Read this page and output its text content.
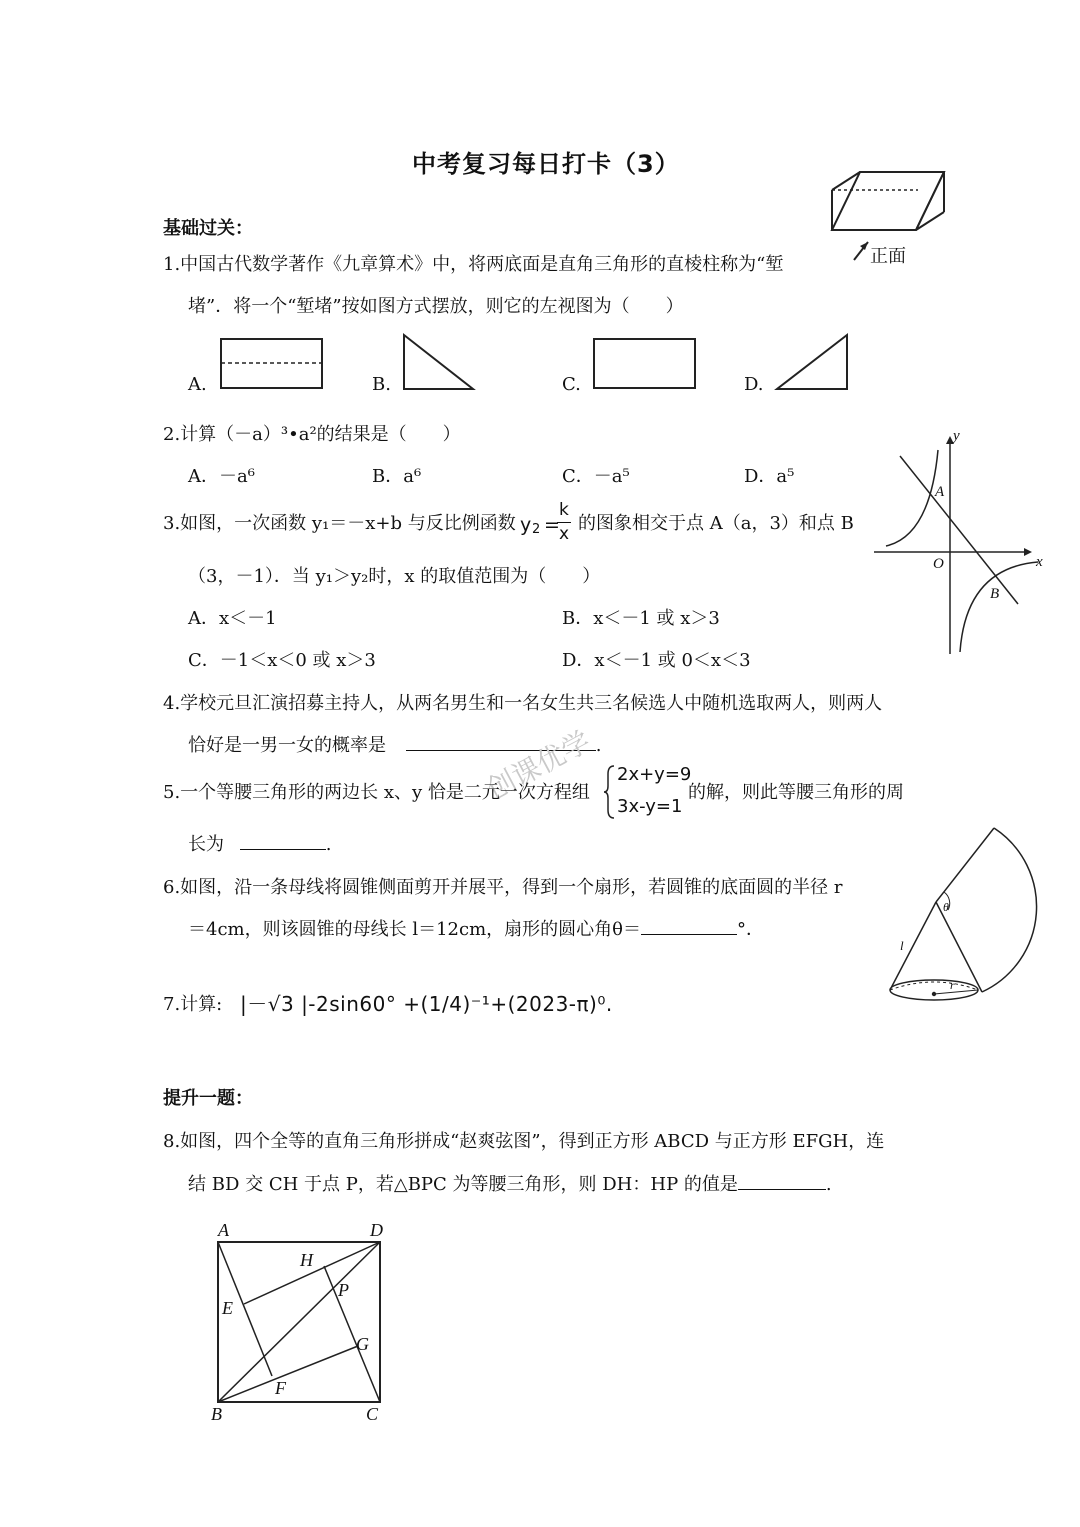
中考复习每日打卡（3）
基础过关：
1.中国古代数学著作《九章算术》中，将两底面是直角三角形的直棱柱称为“堑
堵”．将一个“堑堵”按如图方式摆放，则它的左视图为（　　）
正面
A.	B.	C.	D.
2.计算（－a）³•a²的结果是（　　）
A．－a⁶	B．a⁶	C．－a⁵	D．a⁵
3.如图，一次函数 y₁＝－x+b 与反比例函数 y 2 =
k
x 的图象相交于点 A（a，3）和点 B
（3，－1）．当 y₁＞y₂时，x 的取值范围为（　　）
A．x＜－1	B．x＜－1 或 x＞3
C．－1＜x＜0 或 x＞3	D．x＜－1 或 0＜x＜3
y
x
O
A
B
4.学校元旦汇演招募主持人，从两名男生和一名女生共三名候选人中随机选取两人，则两人
恰好是一男一女的概率是	.
创课优学
5.一个等腰三角形的两边长 x、y 恰是二元一次方程组
2x+y=9
3x-y=1
的解，则此等腰三角形的周
长为	.
6.如图，沿一条母线将圆锥侧面剪开并展平，得到一个扇形，若圆锥的底面圆的半径 r
＝4cm，则该圆锥的母线长 l＝12cm，扇形的圆心角θ＝	°．
θ
l
r
7.计算: |－√3 |-2sin60° +(1/4)⁻¹+(2023-π)⁰.
提升一题：
8.如图，四个全等的直角三角形拼成“赵爽弦图”，得到正方形 ABCD 与正方形 EFGH，连
结 BD 交 CH 于点 P，若△BPC 为等腰三角形，则 DH：HP 的值是	.
A	D
H
P
E
G
F
B	C
